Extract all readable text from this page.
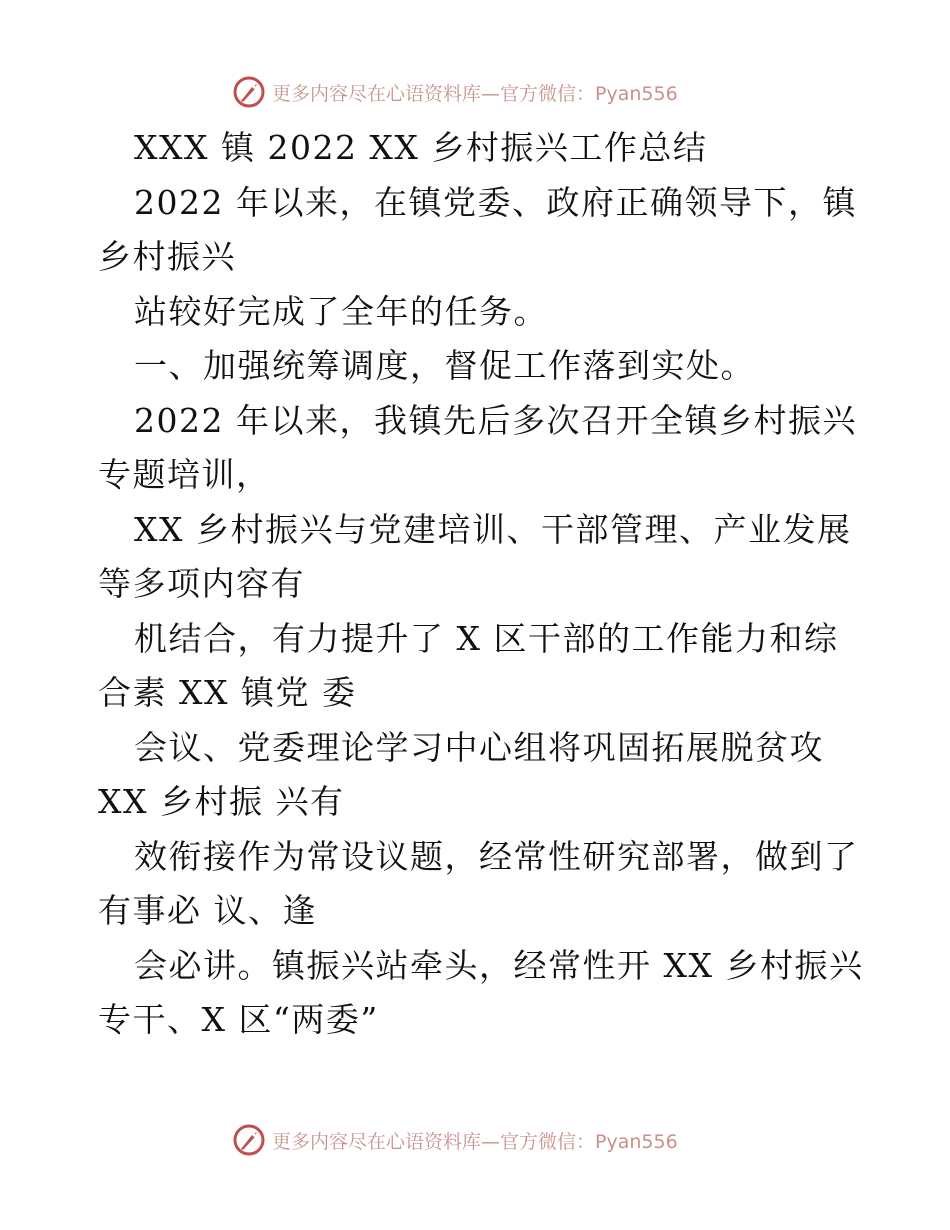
更多内容尽在心语资料库—官方微信：Pyan556
XXX 镇 2022 XX 乡村振兴工作总结
2022 年以来，在镇党委、政府正确领导下，镇
乡村振兴
站较好完成了全年的任务。
一、加强统筹调度，督促工作落到实处。
2022 年以来，我镇先后多次召开全镇乡村振兴
专题培训，
XX 乡村振兴与党建培训、干部管理、产业发展
等多项内容有
机结合，有力提升了 X 区干部的工作能力和综
合素 XX 镇党 委
会议、党委理论学习中心组将巩固拓展脱贫攻
XX 乡村振 兴有
效衔接作为常设议题，经常性研究部署，做到了
有事必 议、逢
会必讲。镇振兴站牵头，经常性开 XX 乡村振兴
专干、X 区“两委”
更多内容尽在心语资料库—官方微信：Pyan556
